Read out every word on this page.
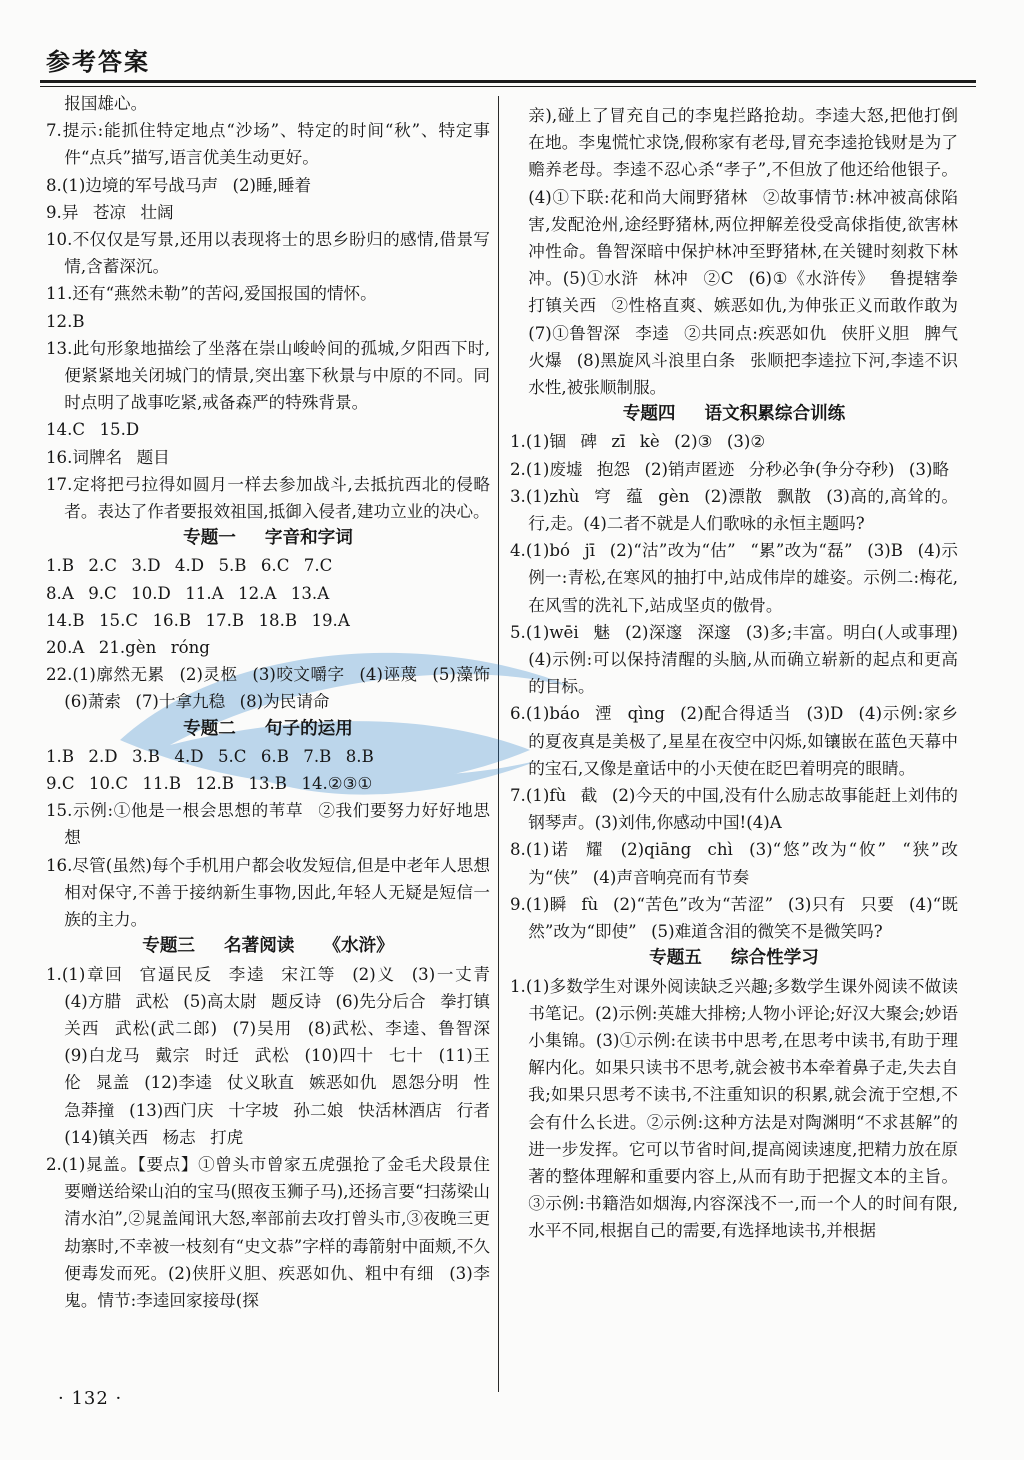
参考答案

报国雄心。

7.提示:能抓住特定地点“沙场”、特定的时间“秋”、特定事件“点兵”描写,语言优美生动更好。

8.(1)边境的军号战马声 (2)睡,睡着

9.异 苍凉 壮阔

10.不仅仅是写景,还用以表现将士的思乡盼归的感情,借景写情,含蓄深沉。

11.还有“燕然未勒”的苦闷,爱国报国的情怀。

12.B

13.此句形象地描绘了坐落在崇山峻岭间的孤城,夕阳西下时,便紧紧地关闭城门的情景,突出塞下秋景与中原的不同。同时点明了战事吃紧,戒备森严的特殊背景。

14.C 15.D

16.词牌名 题目

17.定将把弓拉得如圆月一样去参加战斗,去抵抗西北的侵略者。表达了作者要报效祖国,抵御入侵者,建功立业的决心。

专题一 字音和字词

1.B 2.C 3.D 4.D 5.B 6.C 7.C

8.A 9.C 10.D 11.A 12.A 13.A

14.B 15.C 16.B 17.B 18.B 19.A

20.A 21.gèn róng

22.(1)廓然无累 (2)灵柩 (3)咬文嚼字 (4)诬蔑 (5)藻饰 (6)萧索 (7)十拿九稳 (8)为民请命

专题二 句子的运用

1.B 2.D 3.B 4.D 5.C 6.B 7.B 8.B

9.C 10.C 11.B 12.B 13.B 14.②③①

15.示例:①他是一根会思想的苇草 ②我们要努力好好地思想

16.尽管(虽然)每个手机用户都会收发短信,但是中老年人思想相对保守,不善于接纳新生事物,因此,年轻人无疑是短信一族的主力。

专题三 名著阅读 《水浒》

1.(1)章回 官逼民反 李逵 宋江等 (2)义 (3)一丈青 (4)方腊 武松 (5)高太尉 题反诗 (6)先分后合 拳打镇关西 武松(武二郎) (7)吴用 (8)武松、李逵、鲁智深 (9)白龙马 戴宗 时迁 武松 (10)四十 七十 (11)王伦 晁盖 (12)李逵 仗义耿直 嫉恶如仇 恩怨分明 性急莽撞 (13)西门庆 十字坡 孙二娘 快活林酒店 行者 (14)镇关西 杨志 打虎

2.(1)晁盖。【要点】①曾头市曾家五虎强抢了金毛犬段景住要赠送给梁山泊的宝马(照夜玉狮子马),还扬言要“扫荡梁山清水泊”,②晁盖闻讯大怒,率部前去攻打曾头市,③夜晚三更劫寨时,不幸被一枝刻有“史文恭”字样的毒箭射中面颊,不久便毒发而死。(2)侠肝义胆、疾恶如仇、粗中有细 (3)李鬼。情节:李逵回家接母(探

亲),碰上了冒充自己的李鬼拦路抢劫。李逵大怒,把他打倒在地。李鬼慌忙求饶,假称家有老母,冒充李逵抢钱财是为了赡养老母。李逵不忍心杀“孝子”,不但放了他还给他银子。(4)①下联:花和尚大闹野猪林 ②故事情节:林冲被高俅陷害,发配沧州,途经野猪林,两位押解差役受高俅指使,欲害林冲性命。鲁智深暗中保护林冲至野猪林,在关键时刻救下林冲。(5)①水浒 林冲 ②C (6)①《水浒传》 鲁提辖拳打镇关西 ②性格直爽、嫉恶如仇,为伸张正义而敢作敢为 (7)①鲁智深 李逵 ②共同点:疾恶如仇 侠肝义胆 脾气火爆 (8)黑旋风斗浪里白条 张顺把李逵拉下河,李逵不识水性,被张顺制服。

专题四 语文积累综合训练

1.(1)锢 碑 zī kè (2)③ (3)②

2.(1)废墟 抱怨 (2)销声匿迹 分秒必争(争分夺秒) (3)略

3.(1)zhù 穹 蕴 gèn (2)漂散 飘散 (3)高的,高耸的。行,走。(4)二者不就是人们歌咏的永恒主题吗?

4.(1)bó jī (2)“沽”改为“估” “累”改为“磊” (3)B (4)示例一:青松,在寒风的抽打中,站成伟岸的雄姿。示例二:梅花,在风雪的洗礼下,站成坚贞的傲骨。

5.(1)wēi 魅 (2)深邃 深邃 (3)多;丰富。明白(人或事理) (4)示例:可以保持清醒的头脑,从而确立崭新的起点和更高的目标。

6.(1)báo 湮 qìng (2)配合得适当 (3)D (4)示例:家乡的夏夜真是美极了,星星在夜空中闪烁,如镶嵌在蓝色天幕中的宝石,又像是童话中的小天使在眨巴着明亮的眼睛。

7.(1)fù 截 (2)今天的中国,没有什么励志故事能赶上刘伟的钢琴声。(3)刘伟,你感动中国!(4)A

8.(1)诺 耀 (2)qiāng chì (3)“悠”改为“攸” “狭”改为“侠” (4)声音响亮而有节奏

9.(1)瞬 fù (2)“苦色”改为“苦涩” (3)只有 只要 (4)“既然”改为“即使” (5)难道含泪的微笑不是微笑吗?

专题五 综合性学习

1.(1)多数学生对课外阅读缺乏兴趣;多数学生课外阅读不做读书笔记。(2)示例:英雄大排榜;人物小评论;好汉大聚会;妙语小集锦。(3)①示例:在读书中思考,在思考中读书,有助于理解内化。如果只读书不思考,就会被书本牵着鼻子走,失去自我;如果只思考不读书,不注重知识的积累,就会流于空想,不会有什么长进。②示例:这种方法是对陶渊明“不求甚解”的进一步发挥。它可以节省时间,提高阅读速度,把精力放在原著的整体理解和重要内容上,从而有助于把握文本的主旨。③示例:书籍浩如烟海,内容深浅不一,而一个人的时间有限,水平不同,根据自己的需要,有选择地读书,并根据

· 132 ·
